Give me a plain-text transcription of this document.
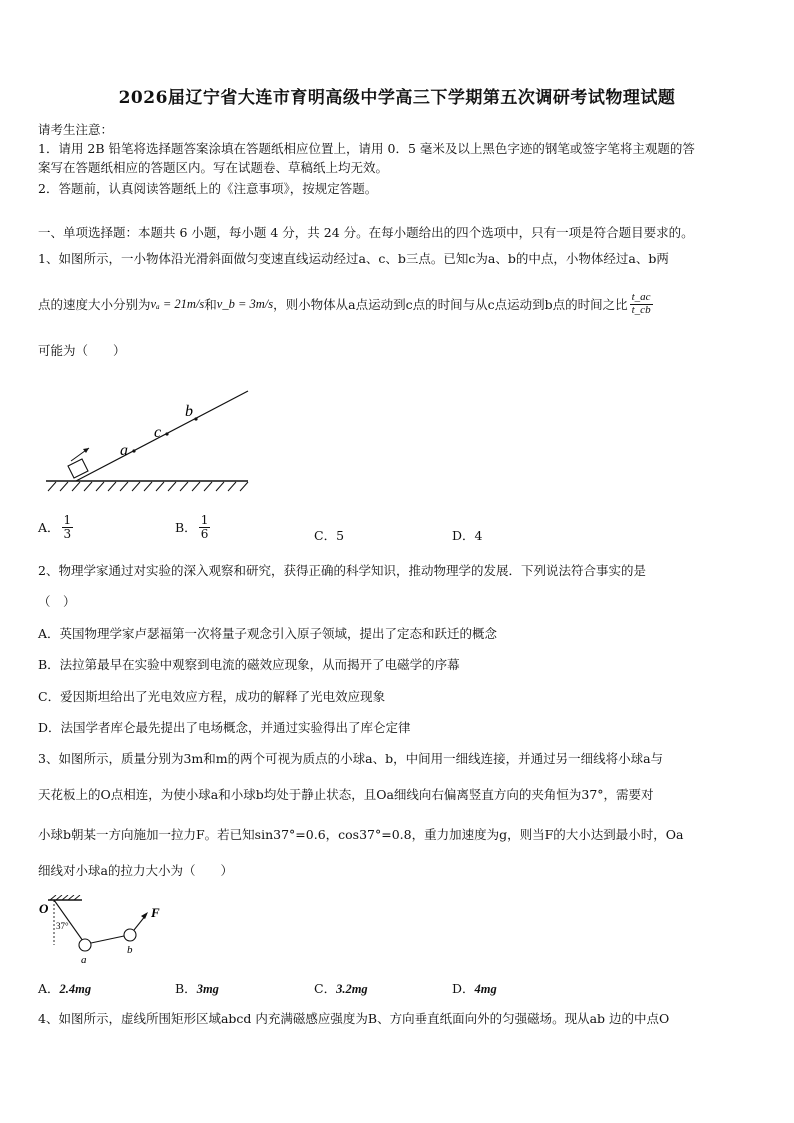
2026届辽宁省大连市育明高级中学高三下学期第五次调研考试物理试题
请考生注意：
1．请用 2B 铅笔将选择题答案涂填在答题纸相应位置上，请用 0．5 毫米及以上黑色字迹的钢笔或签字笔将主观题的答
案写在答题纸相应的答题区内。写在试题卷、草稿纸上均无效。
2．答题前，认真阅读答题纸上的《注意事项》，按规定答题。
一、单项选择题：本题共 6 小题，每小题 4 分，共 24 分。在每小题给出的四个选项中，只有一项是符合题目要求的。
1、如图所示，一小物体沿光滑斜面做匀变速直线运动经过a、c、b三点。已知c为a、b的中点，小物体经过a、b两
点的速度大小分别为 vₐ = 21m/s 和 v_b = 3m/s ，则小物体从a点运动到c点的时间与从c点运动到b点的时间之比 $\frac{t\_ac}{t\_cb}$
可能为（　　）
a
c
b
A． $\frac{1}{3}$	B． $\frac{1}{6}$	C．5	D．4
2、物理学家通过对实验的深入观察和研究，获得正确的科学知识，推动物理学的发展．下列说法符合事实的是
（　）
A．英国物理学家卢瑟福第一次将量子观念引入原子领域，提出了定态和跃迁的概念
B．法拉第最早在实验中观察到电流的磁效应现象，从而揭开了电磁学的序幕
C．爱因斯坦给出了光电效应方程，成功的解释了光电效应现象
D．法国学者库仑最先提出了电场概念，并通过实验得出了库仑定律
3、如图所示，质量分别为3m和m的两个可视为质点的小球a、b，中间用一细线连接，并通过另一细线将小球a与
天花板上的O点相连，为使小球a和小球b均处于静止状态，且Oa细线向右偏离竖直方向的夹角恒为37°，需要对
小球b朝某一方向施加一拉力F。若已知sin37°=0.6，cos37°=0.8，重力加速度为g，则当F的大小达到最小时，Oa
细线对小球a的拉力大小为（　　）
O
37°
a
b
F
A．2.4mg	B．3mg	C．3.2mg	D．4mg
4、如图所示，虚线所围矩形区域abcd 内充满磁感应强度为B、方向垂直纸面向外的匀强磁场。现从ab 边的中点O
